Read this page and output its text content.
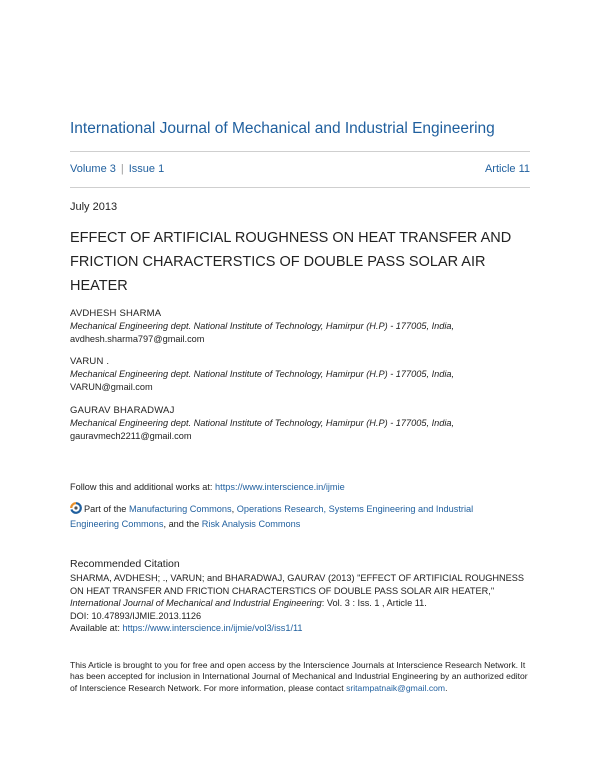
International Journal of Mechanical and Industrial Engineering
Volume 3 | Issue 1	Article 11
July 2013
EFFECT OF ARTIFICIAL ROUGHNESS ON HEAT TRANSFER AND
FRICTION CHARACTERSTICS OF DOUBLE PASS SOLAR AIR
HEATER
AVDHESH SHARMA
Mechanical Engineering dept. National Institute of Technology, Hamirpur (H.P) - 177005, India,
avdhesh.sharma797@gmail.com
VARUN .
Mechanical Engineering dept. National Institute of Technology, Hamirpur (H.P) - 177005, India,
VARUN@gmail.com
GAURAV BHARADWAJ
Mechanical Engineering dept. National Institute of Technology, Hamirpur (H.P) - 177005, India,
gauravmech2211@gmail.com
Follow this and additional works at: https://www.interscience.in/ijmie
Part of the Manufacturing Commons, Operations Research, Systems Engineering and Industrial Engineering Commons, and the Risk Analysis Commons
Recommended Citation
SHARMA, AVDHESH; ., VARUN; and BHARADWAJ, GAURAV (2013) "EFFECT OF ARTIFICIAL ROUGHNESS
ON HEAT TRANSFER AND FRICTION CHARACTERSTICS OF DOUBLE PASS SOLAR AIR HEATER,"
International Journal of Mechanical and Industrial Engineering: Vol. 3 : Iss. 1 , Article 11.
DOI: 10.47893/IJMIE.2013.1126
Available at: https://www.interscience.in/ijmie/vol3/iss1/11
This Article is brought to you for free and open access by the Interscience Journals at Interscience Research Network. It has been accepted for inclusion in International Journal of Mechanical and Industrial Engineering by an authorized editor of Interscience Research Network. For more information, please contact sritampatnaik@gmail.com.
